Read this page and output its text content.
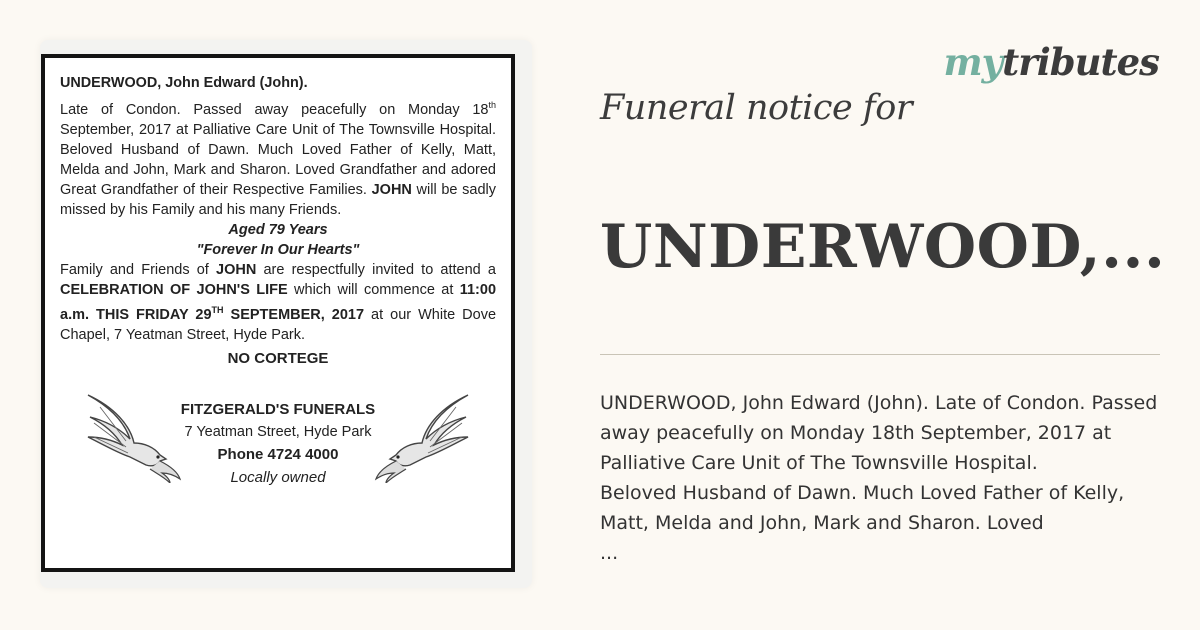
UNDERWOOD, John Edward (John).

Late of Condon. Passed away peacefully on Monday 18th September, 2017 at Palliative Care Unit of The Townsville Hospital. Beloved Husband of Dawn. Much Loved Father of Kelly, Matt, Melda and John, Mark and Sharon. Loved Grandfather and adored Great Grandfather of their Respective Families. JOHN will be sadly missed by his Family and his many Friends.

Aged 79 Years
"Forever In Our Hearts"

Family and Friends of JOHN are respectfully invited to attend a CELEBRATION OF JOHN'S LIFE which will commence at 11:00 a.m. THIS FRIDAY 29TH SEPTEMBER, 2017 at our White Dove Chapel, 7 Yeatman Street, Hyde Park.

NO CORTEGE
FITZGERALD'S FUNERALS
7 Yeatman Street, Hyde Park
Phone 4724 4000
Locally owned
mytributes
Funeral notice for
UNDERWOOD,...
UNDERWOOD, John Edward (John). Late of Condon. Passed
away peacefully on Monday 18th September, 2017 at
Palliative Care Unit of The Townsville Hospital.
Beloved Husband of Dawn. Much Loved Father of Kelly,
Matt, Melda and John, Mark and Sharon. Loved
...
